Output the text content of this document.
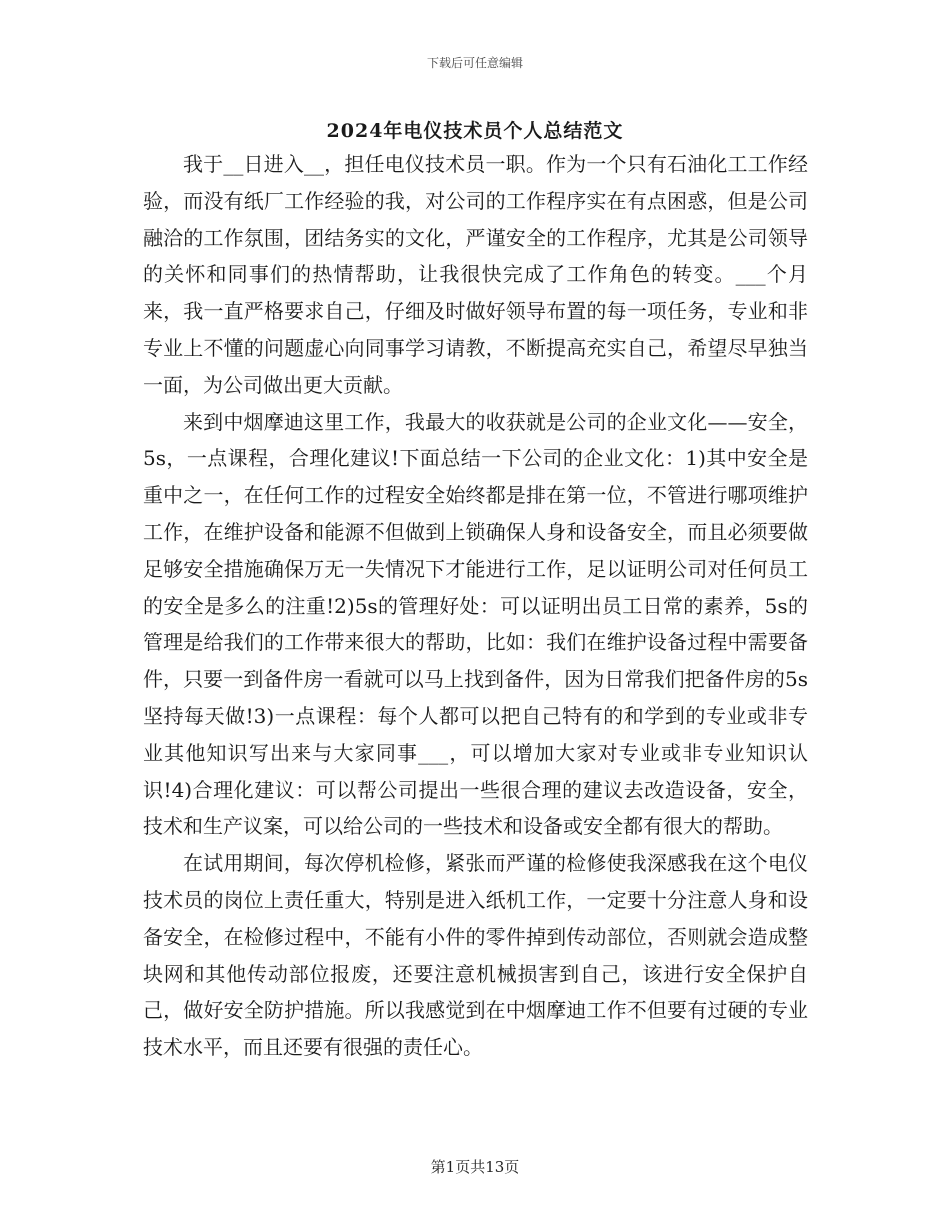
下载后可任意编辑
2024年电仪技术员个人总结范文

我于__日进入__，担任电仪技术员一职。作为一个只有石油化工工作经验，而没有纸厂工作经验的我，对公司的工作程序实在有点困惑，但是公司融洽的工作氛围，团结务实的文化，严谨安全的工作程序，尤其是公司领导的关怀和同事们的热情帮助，让我很快完成了工作角色的转变。___个月来，我一直严格要求自己，仔细及时做好领导布置的每一项任务，专业和非专业上不懂的问题虚心向同事学习请教，不断提高充实自己，希望尽早独当一面，为公司做出更大贡献。

来到中烟摩迪这里工作，我最大的收获就是公司的企业文化——安全，5s，一点课程，合理化建议!下面总结一下公司的企业文化：1)其中安全是重中之一，在任何工作的过程安全始终都是排在第一位，不管进行哪项维护工作，在维护设备和能源不但做到上锁确保人身和设备安全，而且必须要做足够安全措施确保万无一失情况下才能进行工作，足以证明公司对任何员工的安全是多么的注重!2)5s的管理好处：可以证明出员工日常的素养，5s的管理是给我们的工作带来很大的帮助，比如：我们在维护设备过程中需要备件，只要一到备件房一看就可以马上找到备件，因为日常我们把备件房的5s坚持每天做!3)一点课程：每个人都可以把自己特有的和学到的专业或非专业其他知识写出来与大家同事___，可以增加大家对专业或非专业知识认识!4)合理化建议：可以帮公司提出一些很合理的建议去改造设备，安全，技术和生产议案，可以给公司的一些技术和设备或安全都有很大的帮助。

在试用期间，每次停机检修，紧张而严谨的检修使我深感我在这个电仪技术员的岗位上责任重大，特别是进入纸机工作，一定要十分注意人身和设备安全，在检修过程中，不能有小件的零件掉到传动部位，否则就会造成整块网和其他传动部位报废，还要注意机械损害到自己，该进行安全保护自己，做好安全防护措施。所以我感觉到在中烟摩迪工作不但要有过硬的专业技术水平，而且还要有很强的责任心。

第1页共13页
